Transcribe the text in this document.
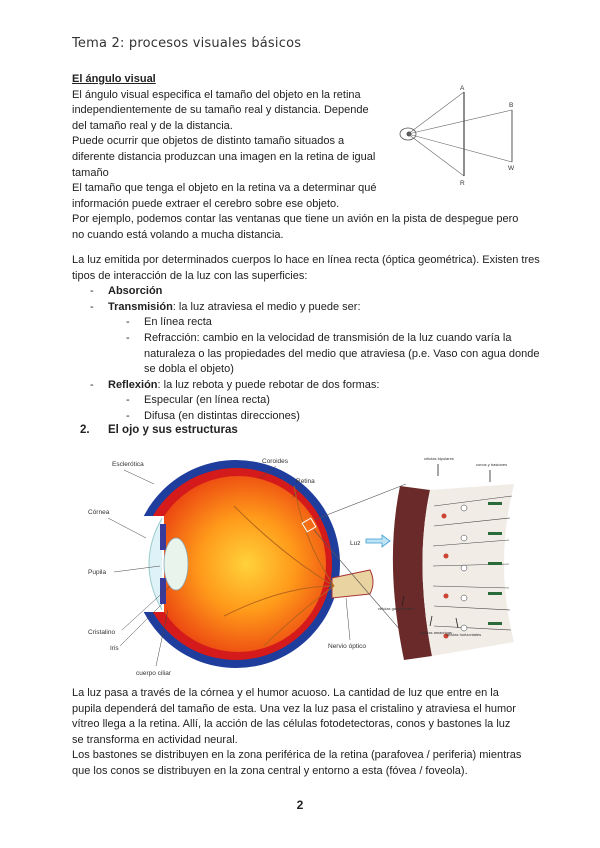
Tema 2: procesos visuales básicos
El ángulo visual
El ángulo visual especifica el tamaño del objeto en la retina
independientemente de su tamaño real y distancia. Depende
del tamaño real y de la distancia.
Puede ocurrir que objetos de distinto tamaño situados a
diferente distancia produzcan una imagen en la retina de igual
tamaño
El tamaño que tenga el objeto en la retina va a determinar qué
información puede extraer el cerebro sobre ese objeto.
Por ejemplo, podemos contar las ventanas que tiene un avión en la pista de despegue pero
no cuando está volando a mucha distancia.
A
R
B
W
La luz emitida por determinados cuerpos lo hace en línea recta (óptica geométrica). Existen tres tipos de interacción de la luz con las superficies:
- Absorción
- Transmisión: la luz atraviesa el medio y puede ser:
- En línea recta
- Refracción: cambio en la velocidad de transmisión de la luz cuando varía la naturaleza o las propiedades del medio que atraviesa (p.e. Vaso con agua donde se dobla el objeto)
- Reflexión: la luz rebota y puede rebotar de dos formas:
- Especular (en línea recta)
- Difusa (en distintas direcciones)
2. El ojo y sus estructuras
Esclerótica	Coroides
Retina
Córnea
Pupila
Cristalino
Iris
cuerpo ciliar
Nervio óptico
Luz
células bipolares
conos y bastones
células ganglionares
células amacrinas
células horizontales
La luz pasa a través de la córnea y el humor acuoso. La cantidad de luz que entre en la
pupila dependerá del tamaño de esta. Una vez la luz pasa el cristalino y atraviesa el humor
vítreo llega a la retina. Allí, la acción de las células fotodetectoras, conos y bastones la luz
se transforma en actividad neural.
Los bastones se distribuyen en la zona periférica de la retina (parafovea / periferia) mientras
que los conos se distribuyen en la zona central y entorno a esta (fóvea / foveola).
2
